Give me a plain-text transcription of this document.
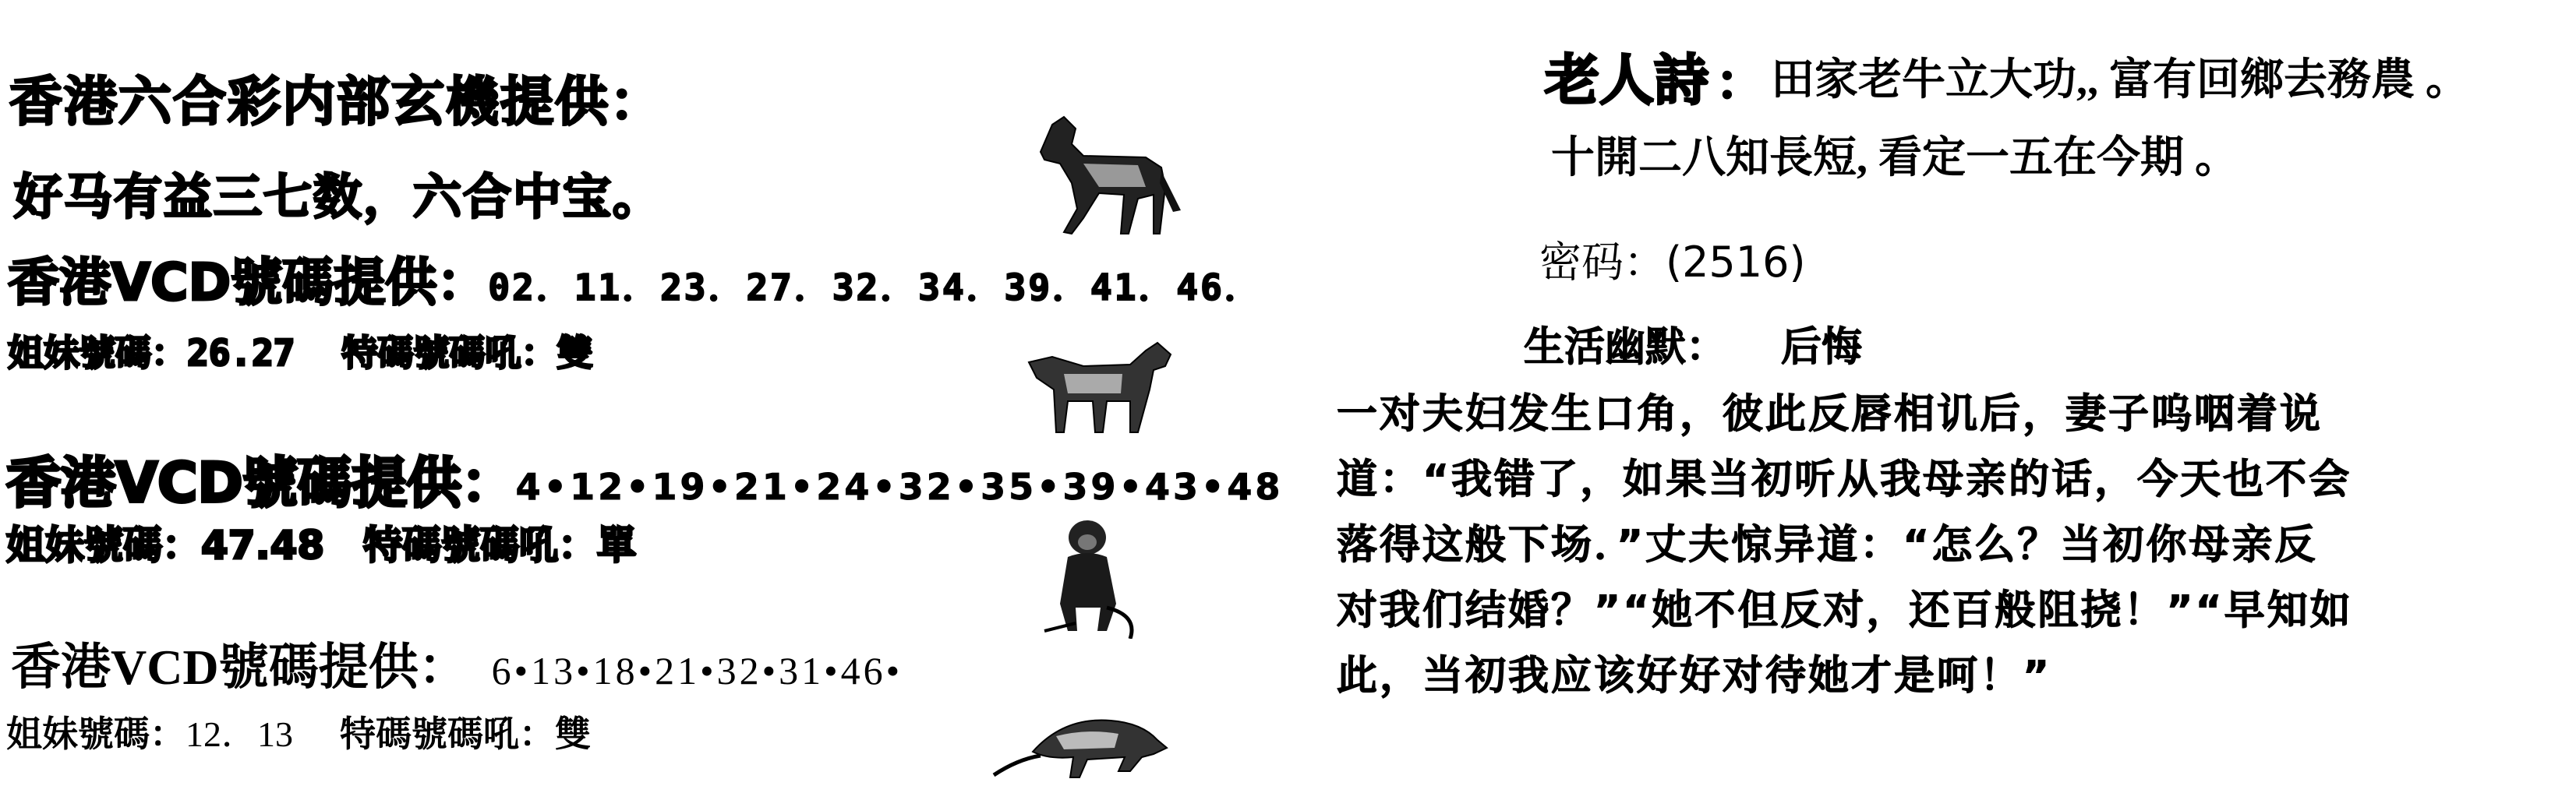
香港六合彩内部玄機提供：
好马有益三七数，六合中宝。
香港VCD號碼提供：02．11．23．27．32．34．39．41．46．
姐妹號碼：26.27 特碼號碼吼：雙
香港VCD號碼提供：4•12•19•21•24•32•35•39•43•48
姐妹號碼：47.48 特碼號碼吼：單
香港VCD號碼提供： 6•13•18•21•32•31•46•
姐妹號碼：12．13 特碼號碼吼：雙
老人詩 ： 田家老牛立大功,, 富有回鄉去務農 。
十開二八知長短, 看定一五在今期 。
密码：(2516)
生活幽默： 后悔
一对夫妇发生口角，彼此反唇相讥后，妻子呜咽着说
道：“我错了，如果当初听从我母亲的话，今天也不会
落得这般下场．”丈夫惊异道：“怎么？当初你母亲反
对我们结婚？”“她不但反对，还百般阻挠！”“早知如
此，当初我应该好好对待她才是呵！”
